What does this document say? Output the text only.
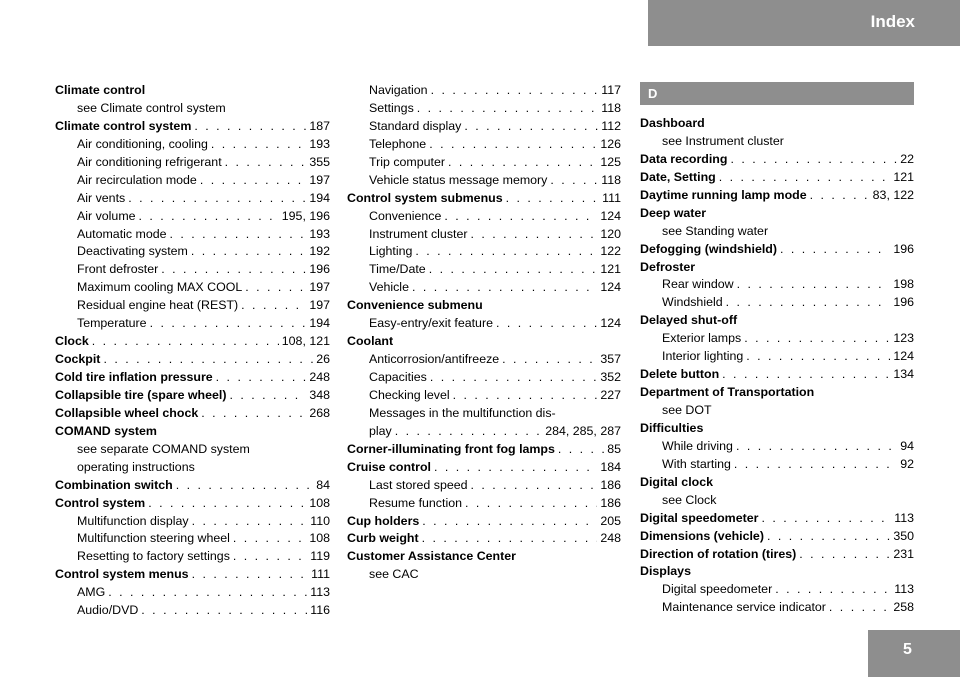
Index
Climate control
see Climate control system
Climate control system . . .	187
Air conditioning, cooling . . .	193
Air conditioning refrigerant . . .	355
Air recirculation mode . . .	197
Air vents . . .	194
Air volume . . .	195, 196
Automatic mode . . .	193
Deactivating system . . .	192
Front defroster . . .	196
Maximum cooling MAX COOL . . .	197
Residual engine heat (REST) . . .	197
Temperature . . .	194
Clock . . .	108, 121
Cockpit . . .	26
Cold tire inflation pressure . . .	248
Collapsible tire (spare wheel) . . .	348
Collapsible wheel chock . . .	268
COMAND system
see separate COMAND system
operating instructions
Combination switch . . .	84
Control system . . .	108
Multifunction display . . .	110
Multifunction steering wheel . . .	108
Resetting to factory settings . . .	119
Control system menus . . .	111
AMG . . .	113
Audio/DVD . . .	116
Navigation . . .	117
Settings . . .	118
Standard display . . .	112
Telephone . . .	126
Trip computer . . .	125
Vehicle status message memory . . .	118
Control system submenus . . .	111
Convenience . . .	124
Instrument cluster . . .	120
Lighting . . .	122
Time/Date . . .	121
Vehicle . . .	124
Convenience submenu
Easy-entry/exit feature . . .	124
Coolant
Anticorrosion/antifreeze . . .	357
Capacities . . .	352
Checking level . . .	227
Messages in the multifunction dis-
play . . .	284, 285, 287
Corner-illuminating front fog lamps . . .	85
Cruise control . . .	184
Last stored speed . . .	186
Resume function . . .	186
Cup holders . . .	205
Curb weight . . .	248
Customer Assistance Center
see CAC
D
Dashboard
see Instrument cluster
Data recording . . .	22
Date, Setting . . .	121
Daytime running lamp mode . . .	83, 122
Deep water
see Standing water
Defogging (windshield) . . .	196
Defroster
Rear window . . .	198
Windshield . . .	196
Delayed shut-off
Exterior lamps . . .	123
Interior lighting . . .	124
Delete button . . .	134
Department of Transportation
see DOT
Difficulties
While driving . . .	94
With starting . . .	92
Digital clock
see Clock
Digital speedometer . . .	113
Dimensions (vehicle) . . .	350
Direction of rotation (tires) . . .	231
Displays
Digital speedometer . . .	113
Maintenance service indicator . . .	258
5
